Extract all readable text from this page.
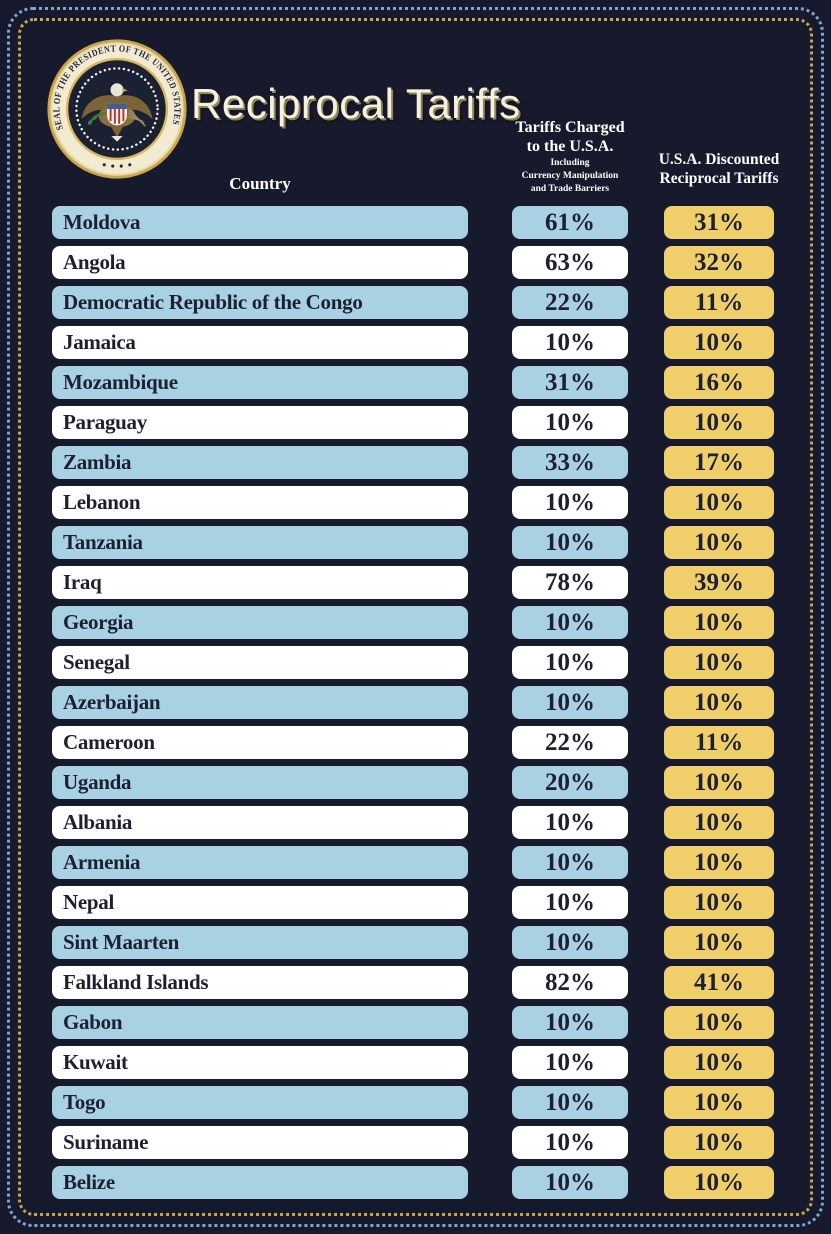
SEAL OF THE PRESIDENT OF THE UNITED STATES Reciprocal Tariffs
Country
Tariffs Charged
to the U.S.A.
Including
Currency Manipulation
and Trade Barriers
U.S.A. Discounted
Reciprocal Tariffs
Moldova	61%	31%
Angola	63%	32%
Democratic Republic of the Congo	22%	11%
Jamaica	10%	10%
Mozambique	31%	16%
Paraguay	10%	10%
Zambia	33%	17%
Lebanon	10%	10%
Tanzania	10%	10%
Iraq	78%	39%
Georgia	10%	10%
Senegal	10%	10%
Azerbaijan	10%	10%
Cameroon	22%	11%
Uganda	20%	10%
Albania	10%	10%
Armenia	10%	10%
Nepal	10%	10%
Sint Maarten	10%	10%
Falkland Islands	82%	41%
Gabon	10%	10%
Kuwait	10%	10%
Togo	10%	10%
Suriname	10%	10%
Belize	10%	10%
